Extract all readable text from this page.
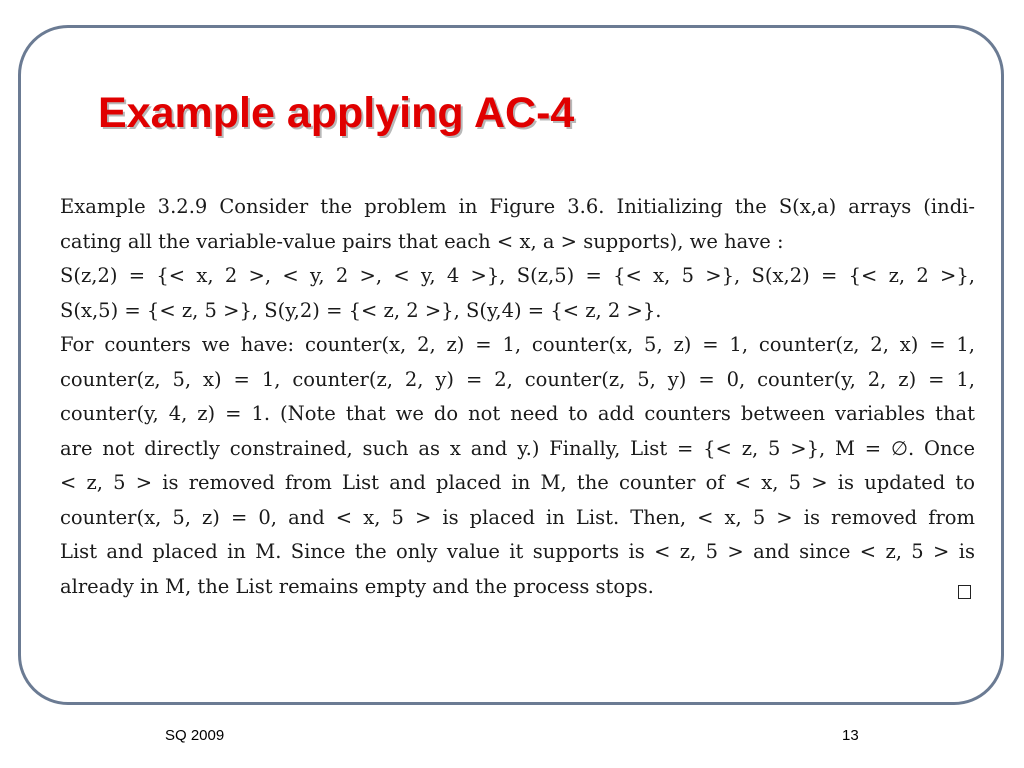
Example applying AC-4
Example 3.2.9 Consider the problem in Figure 3.6. Initializing the S(x,a) arrays (indi-
cating all the variable-value pairs that each < x, a > supports), we have :
S(z,2) = {< x, 2 >, < y, 2 >, < y, 4 >}, S(z,5) = {< x, 5 >}, S(x,2) = {< z, 2 >},
S(x,5) = {< z, 5 >}, S(y,2) = {< z, 2 >}, S(y,4) = {< z, 2 >}.
For counters we have: counter(x, 2, z) = 1, counter(x, 5, z) = 1, counter(z, 2, x) = 1,
counter(z, 5, x) = 1, counter(z, 2, y) = 2, counter(z, 5, y) = 0, counter(y, 2, z) = 1,
counter(y, 4, z) = 1. (Note that we do not need to add counters between variables that
are not directly constrained, such as x and y.) Finally, List = {< z, 5 >}, M = ∅. Once
< z, 5 > is removed from List and placed in M, the counter of < x, 5 > is updated to
counter(x, 5, z) = 0, and < x, 5 > is placed in List. Then, < x, 5 > is removed from
List and placed in M. Since the only value it supports is < z, 5 > and since < z, 5 > is
already in M, the List remains empty and the process stops.
SQ 2009	13
